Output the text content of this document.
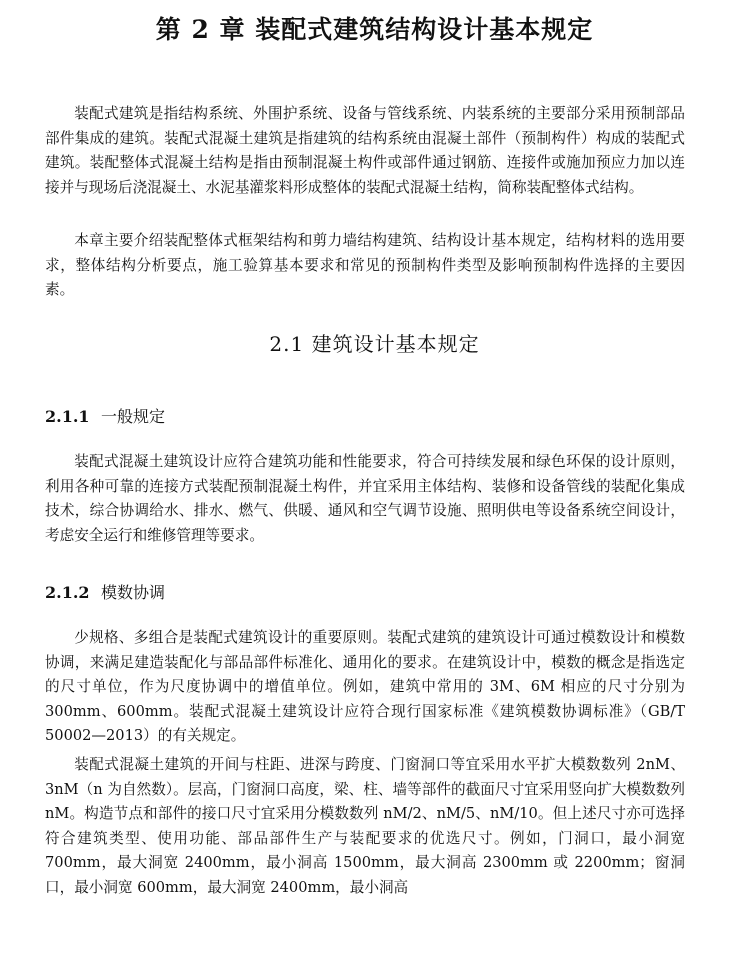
第 2 章 装配式建筑结构设计基本规定

装配式建筑是指结构系统、外围护系统、设备与管线系统、内装系统的主要部分采用预制部品部件集成的建筑。装配式混凝土建筑是指建筑的结构系统由混凝土部件（预制构件）构成的装配式建筑。装配整体式混凝土结构是指由预制混凝土构件或部件通过钢筋、连接件或施加预应力加以连接并与现场后浇混凝土、水泥基灌浆料形成整体的装配式混凝土结构，简称装配整体式结构。

本章主要介绍装配整体式框架结构和剪力墙结构建筑、结构设计基本规定，结构材料的选用要求，整体结构分析要点，施工验算基本要求和常见的预制构件类型及影响预制构件选择的主要因素。

2.1 建筑设计基本规定
2.1.1 一般规定

装配式混凝土建筑设计应符合建筑功能和性能要求，符合可持续发展和绿色环保的设计原则，利用各种可靠的连接方式装配预制混凝土构件，并宜采用主体结构、装修和设备管线的装配化集成技术，综合协调给水、排水、燃气、供暖、通风和空气调节设施、照明供电等设备系统空间设计，考虑安全运行和维修管理等要求。

2.1.2 模数协调

少规格、多组合是装配式建筑设计的重要原则。装配式建筑的建筑设计可通过模数设计和模数协调，来满足建造装配化与部品部件标准化、通用化的要求。在建筑设计中，模数的概念是指选定的尺寸单位，作为尺度协调中的增值单位。例如，建筑中常用的 3M、6M 相应的尺寸分别为 300mm、600mm。装配式混凝土建筑设计应符合现行国家标准《建筑模数协调标准》（GB/T 50002—2013）的有关规定。

装配式混凝土建筑的开间与柱距、进深与跨度、门窗洞口等宜采用水平扩大模数数列 2nM、3nM（n 为自然数）。层高，门窗洞口高度，梁、柱、墙等部件的截面尺寸宜采用竖向扩大模数数列 nM。构造节点和部件的接口尺寸宜采用分模数数列 nM/2、nM/5、nM/10。但上述尺寸亦可选择符合建筑类型、使用功能、部品部件生产与装配要求的优选尺寸。例如，门洞口，最小洞宽 700mm，最大洞宽 2400mm，最小洞高 1500mm，最大洞高 2300mm 或 2200mm；窗洞口，最小洞宽 600mm，最大洞宽 2400mm，最小洞高
